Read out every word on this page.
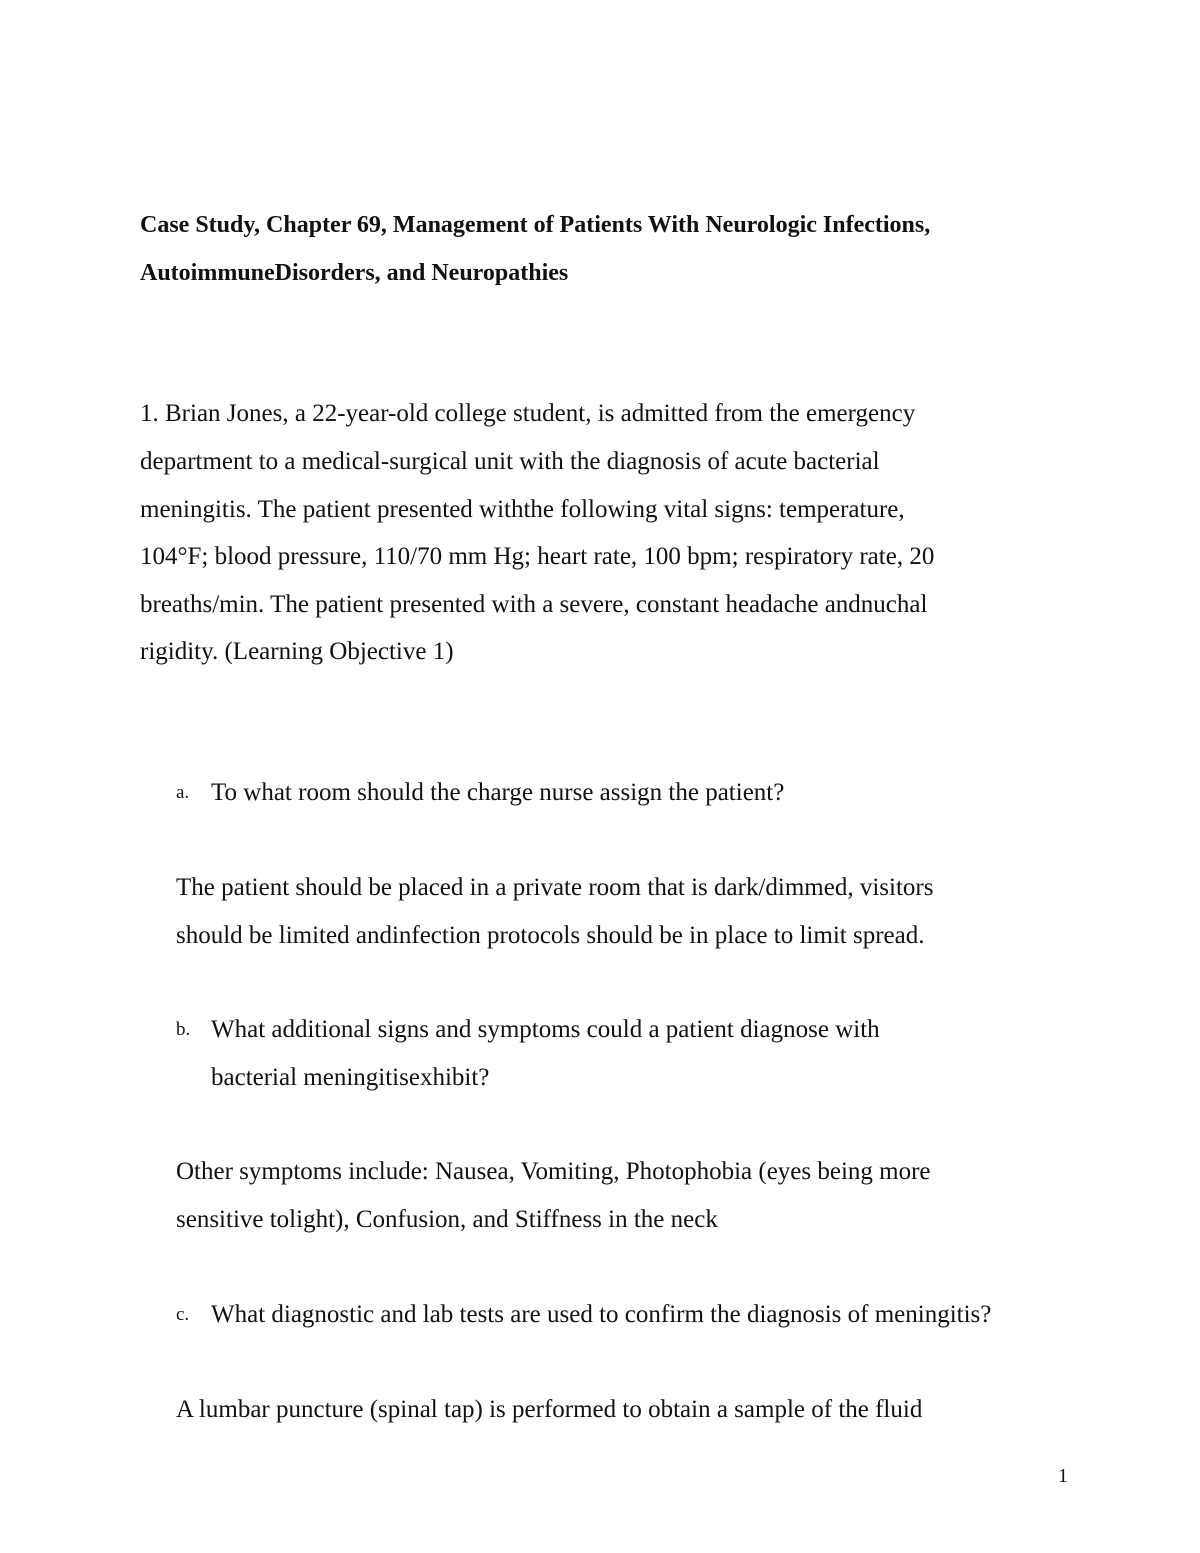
Case Study, Chapter 69, Management of Patients With Neurologic Infections,
AutoimmuneDisorders, and Neuropathies
1. Brian Jones, a 22-year-old college student, is admitted from the emergency
department to a medical-surgical unit with the diagnosis of acute bacterial
meningitis. The patient presented withthe following vital signs: temperature,
104°F; blood pressure, 110/70 mm Hg; heart rate, 100 bpm; respiratory rate, 20
breaths/min. The patient presented with a severe, constant headache andnuchal
rigidity. (Learning Objective 1)
a. To what room should the charge nurse assign the patient?
The patient should be placed in a private room that is dark/dimmed, visitors
should be limited andinfection protocols should be in place to limit spread.
b. What additional signs and symptoms could a patient diagnose with
bacterial meningitisexhibit?
Other symptoms include: Nausea, Vomiting, Photophobia (eyes being more
sensitive tolight), Confusion, and Stiffness in the neck
c. What diagnostic and lab tests are used to confirm the diagnosis of meningitis?
A lumbar puncture (spinal tap) is performed to obtain a sample of the fluid
1
